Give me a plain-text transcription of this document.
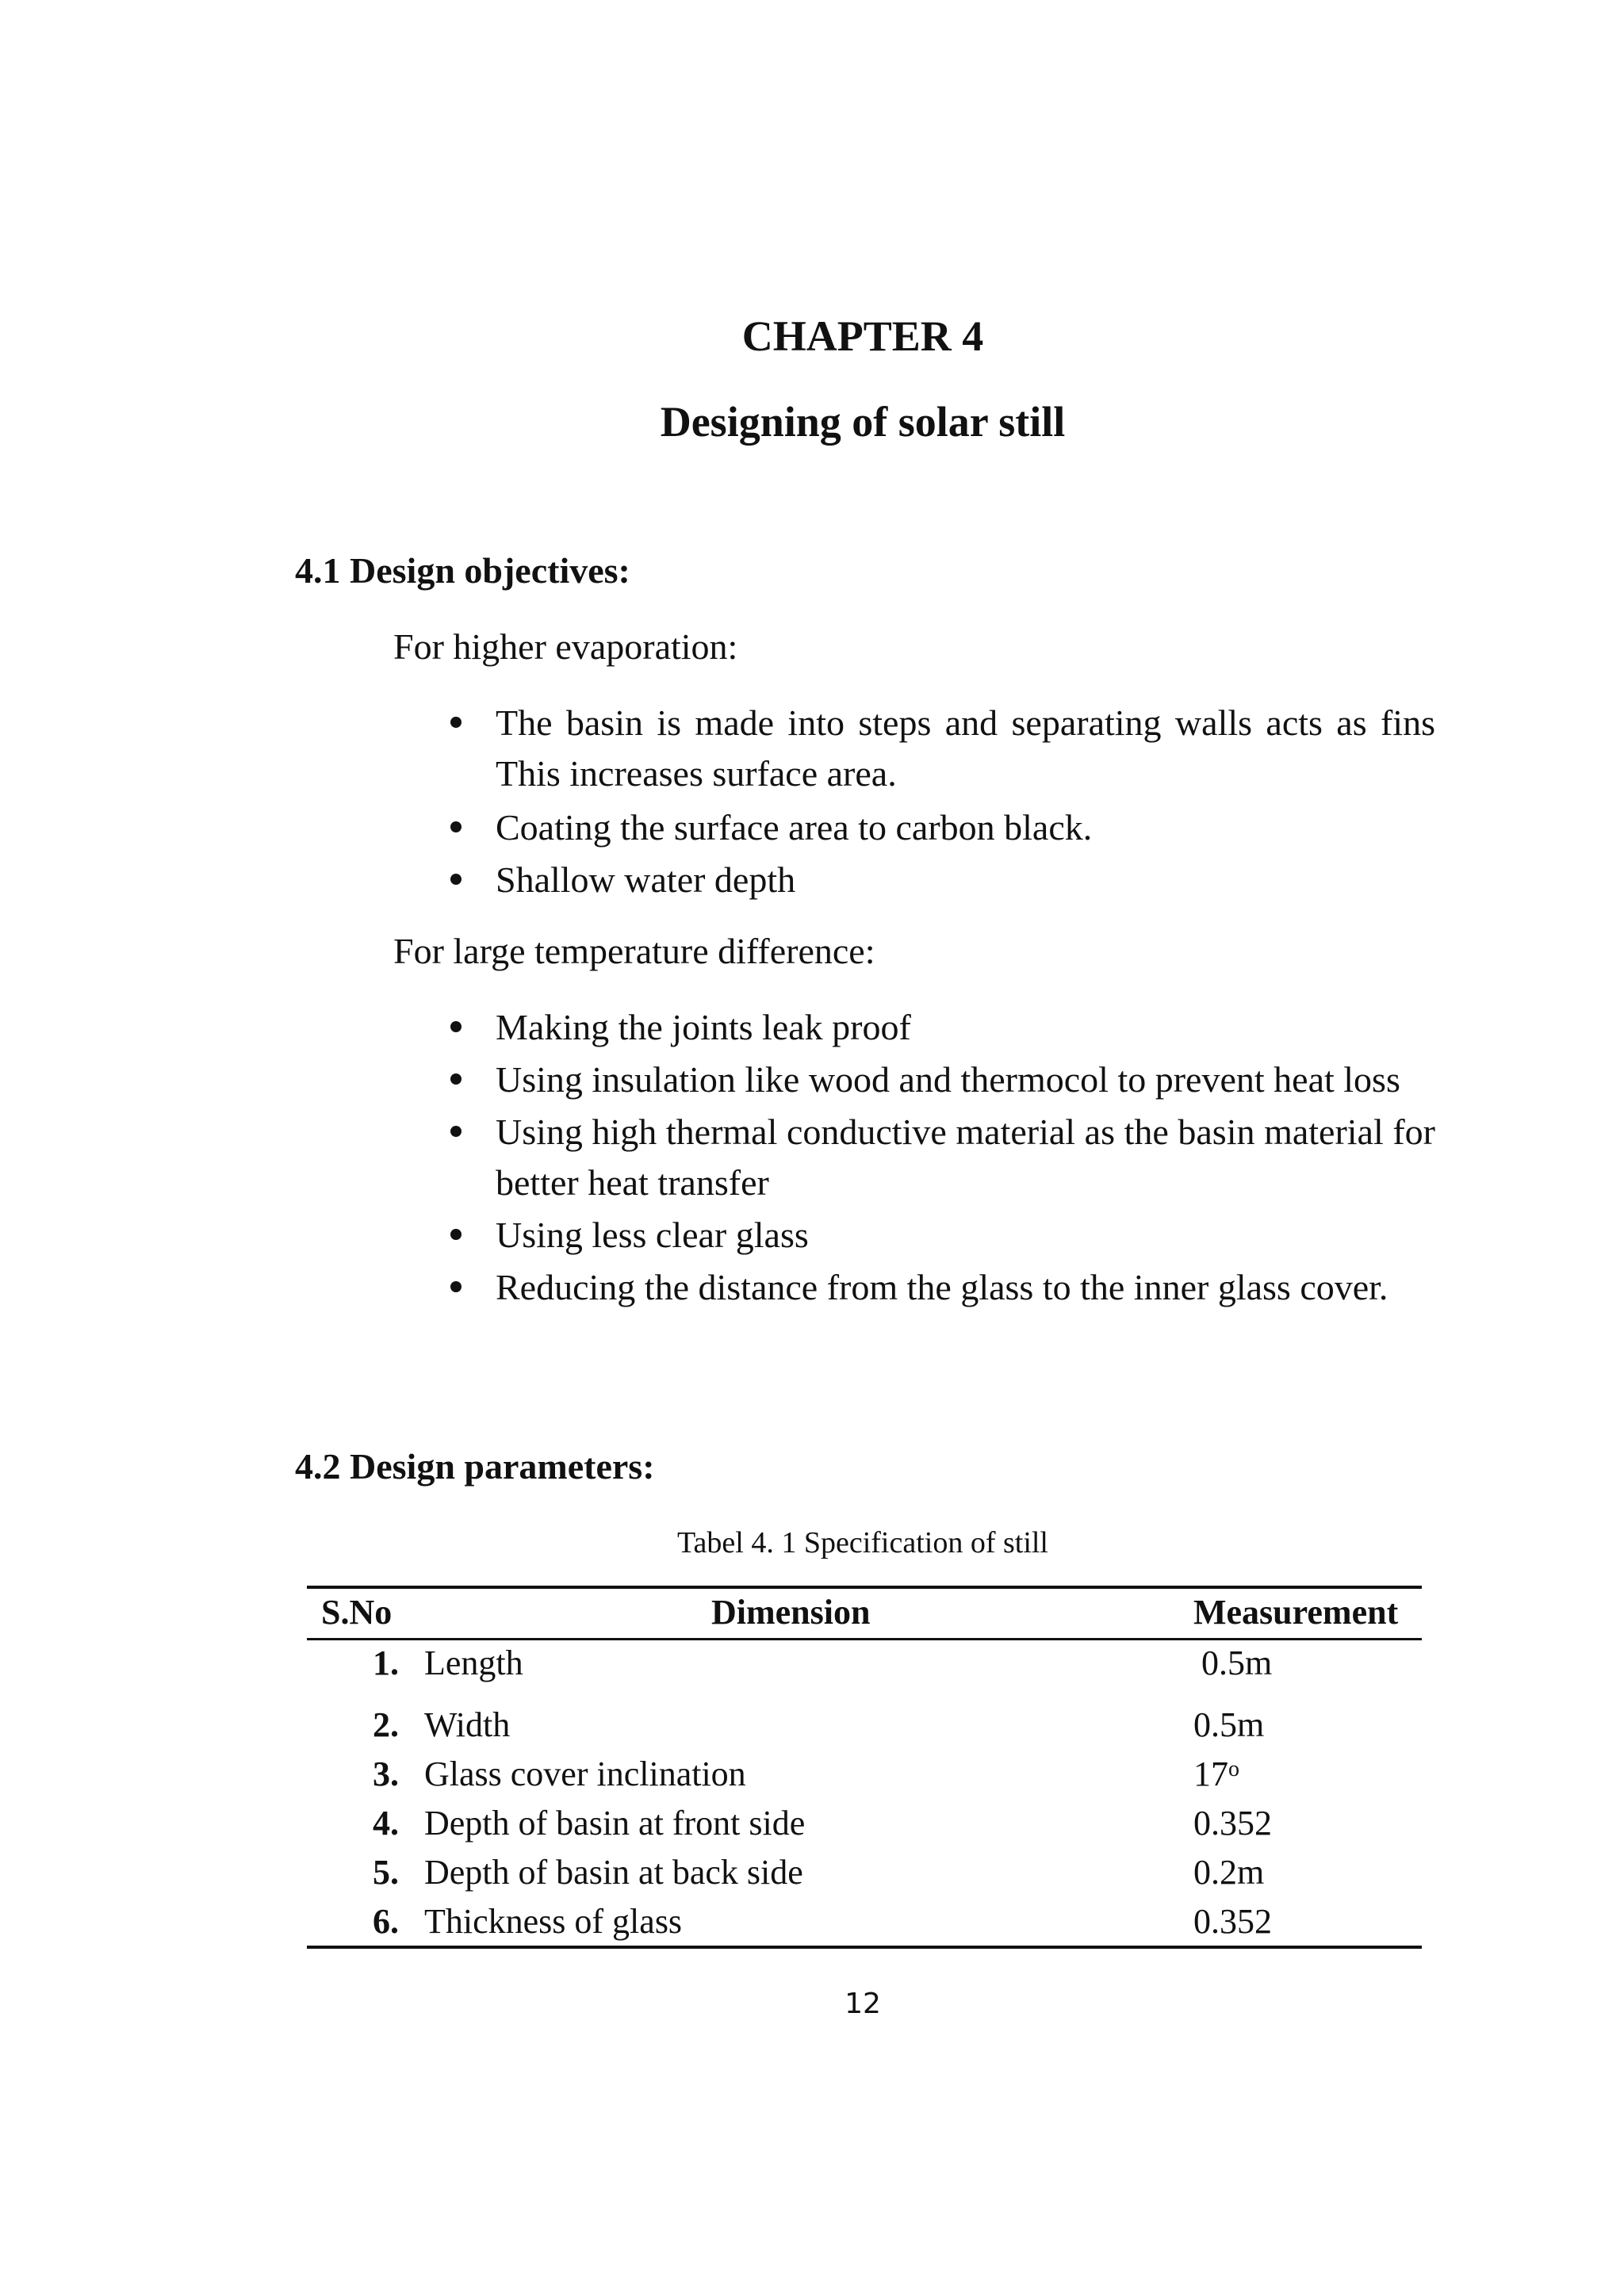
CHAPTER 4
Designing of solar still
4.1 Design objectives:

For higher evaporation:

The basin is made into steps and separating walls acts as fins This increases surface area.
Coating the surface area to carbon black.
Shallow water depth

For large temperature difference:

Making the joints leak proof
Using insulation like wood and thermocol to prevent heat loss
Using high thermal conductive material as the basin material for better heat transfer
Using less clear glass
Reducing the distance from the glass to the inner glass cover.
4.2 Design parameters:

Tabel 4. 1 Specification of still

S.No	Dimension	Measurement
1. Length	0.5m
2. Width	0.5m
3. Glass cover inclination	17$^o$
4. Depth of basin at front side	0.352
5. Depth of basin at back side	0.2m
6. Thickness of glass	0.352

12
